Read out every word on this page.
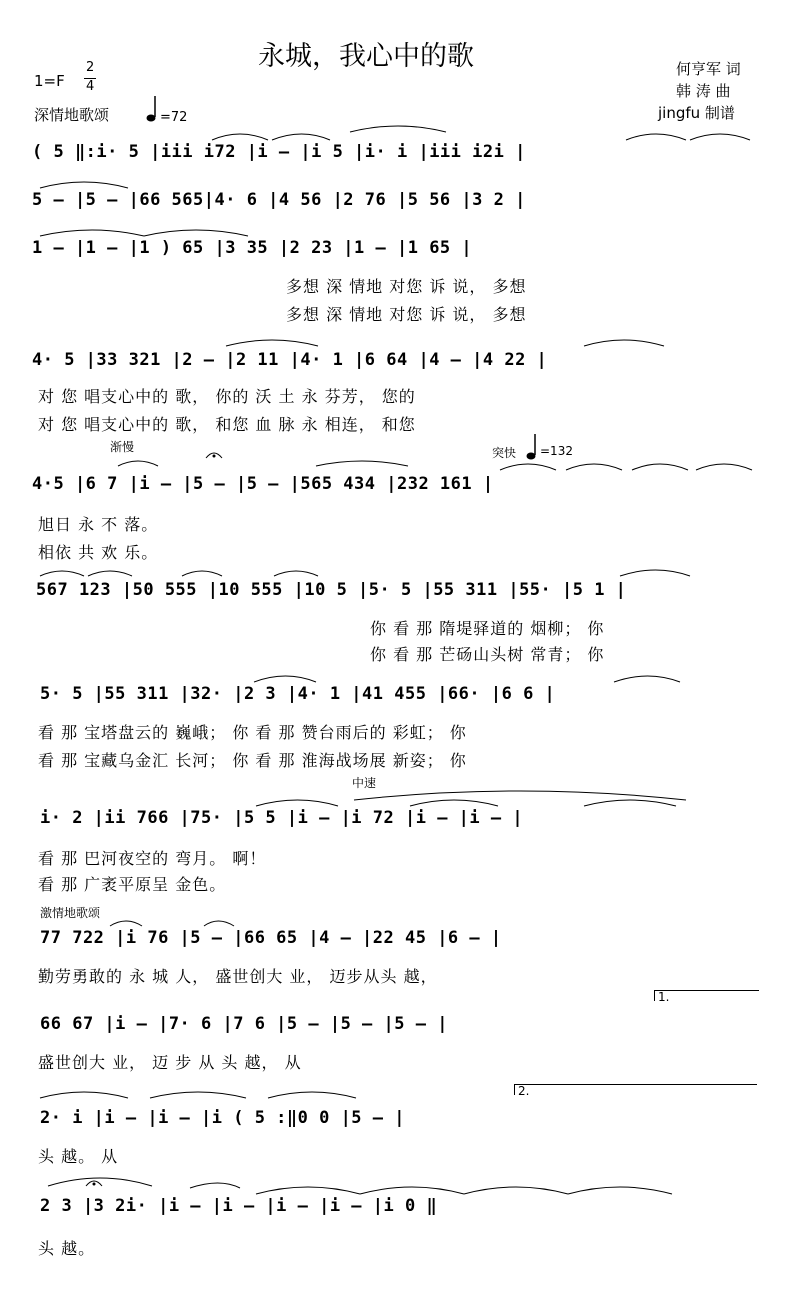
永城，我心中的歌
1=F
2
4
深情地歌颂	=72
何亨军 词
韩 涛 曲
jingfu 制谱
( 5 ‖:i· 5 |iii i72 |i – |i 5 |i· i |iii i2i |
5 – |5 – |66 565|4· 6 |4 56 |2 76 |5 56 |3 2 |
1 – |1 – |1 ) 65 |3 35 |2 23 |1 – |1 65 |
多想 深 情地 对您 诉 说， 多想
多想 深 情地 对您 诉 说， 多想
4· 5 |33 321 |2 – |2 11 |4· 1 |6 64 |4 – |4 22 |
对 您 唱支心中的 歌， 你的 沃 土 永 芬芳， 您的
对 您 唱支心中的 歌， 和您 血 脉 永 相连， 和您
渐慢	突快 =132
4·5 |6 7 |i – |5 – |5 – |565 434 |232 161 |
旭日 永 不 落。
相依 共 欢 乐。
567 123 |50 555 |10 555 |10 5 |5· 5 |55 311 |55· |5 1 |
你 看 那 隋堤驿道的 烟柳； 你
你 看 那 芒砀山头树 常青； 你
5· 5 |55 311 |32· |2 3 |4· 1 |41 455 |66· |6 6 |
看 那 宝塔盘云的 巍峨； 你 看 那 赞台雨后的 彩虹； 你
看 那 宝藏乌金汇 长河； 你 看 那 淮海战场展 新姿； 你
中速
i· 2 |ii 766 |75· |5 5 |i – |i 72 |i – |i – |
看 那 巴河夜空的 弯月。 啊！
看 那 广袤平原呈 金色。
激情地歌颂
77 722 |i 76 |5 – |66 65 |4 – |22 45 |6 – |
勤劳勇敢的 永 城 人， 盛世创大 业， 迈步从头 越，
66 67 |i – |7· 6 |7 6 |5 – |5 – |5 – |
盛世创大 业， 迈 步 从 头 越， 从
2· i |i – |i – |i ( 5 :‖0 0 |5 – |
头 越。 从
2 3 |3 2i· |i – |i – |i – |i – |i 0 ‖
头 越。
1.
2.
